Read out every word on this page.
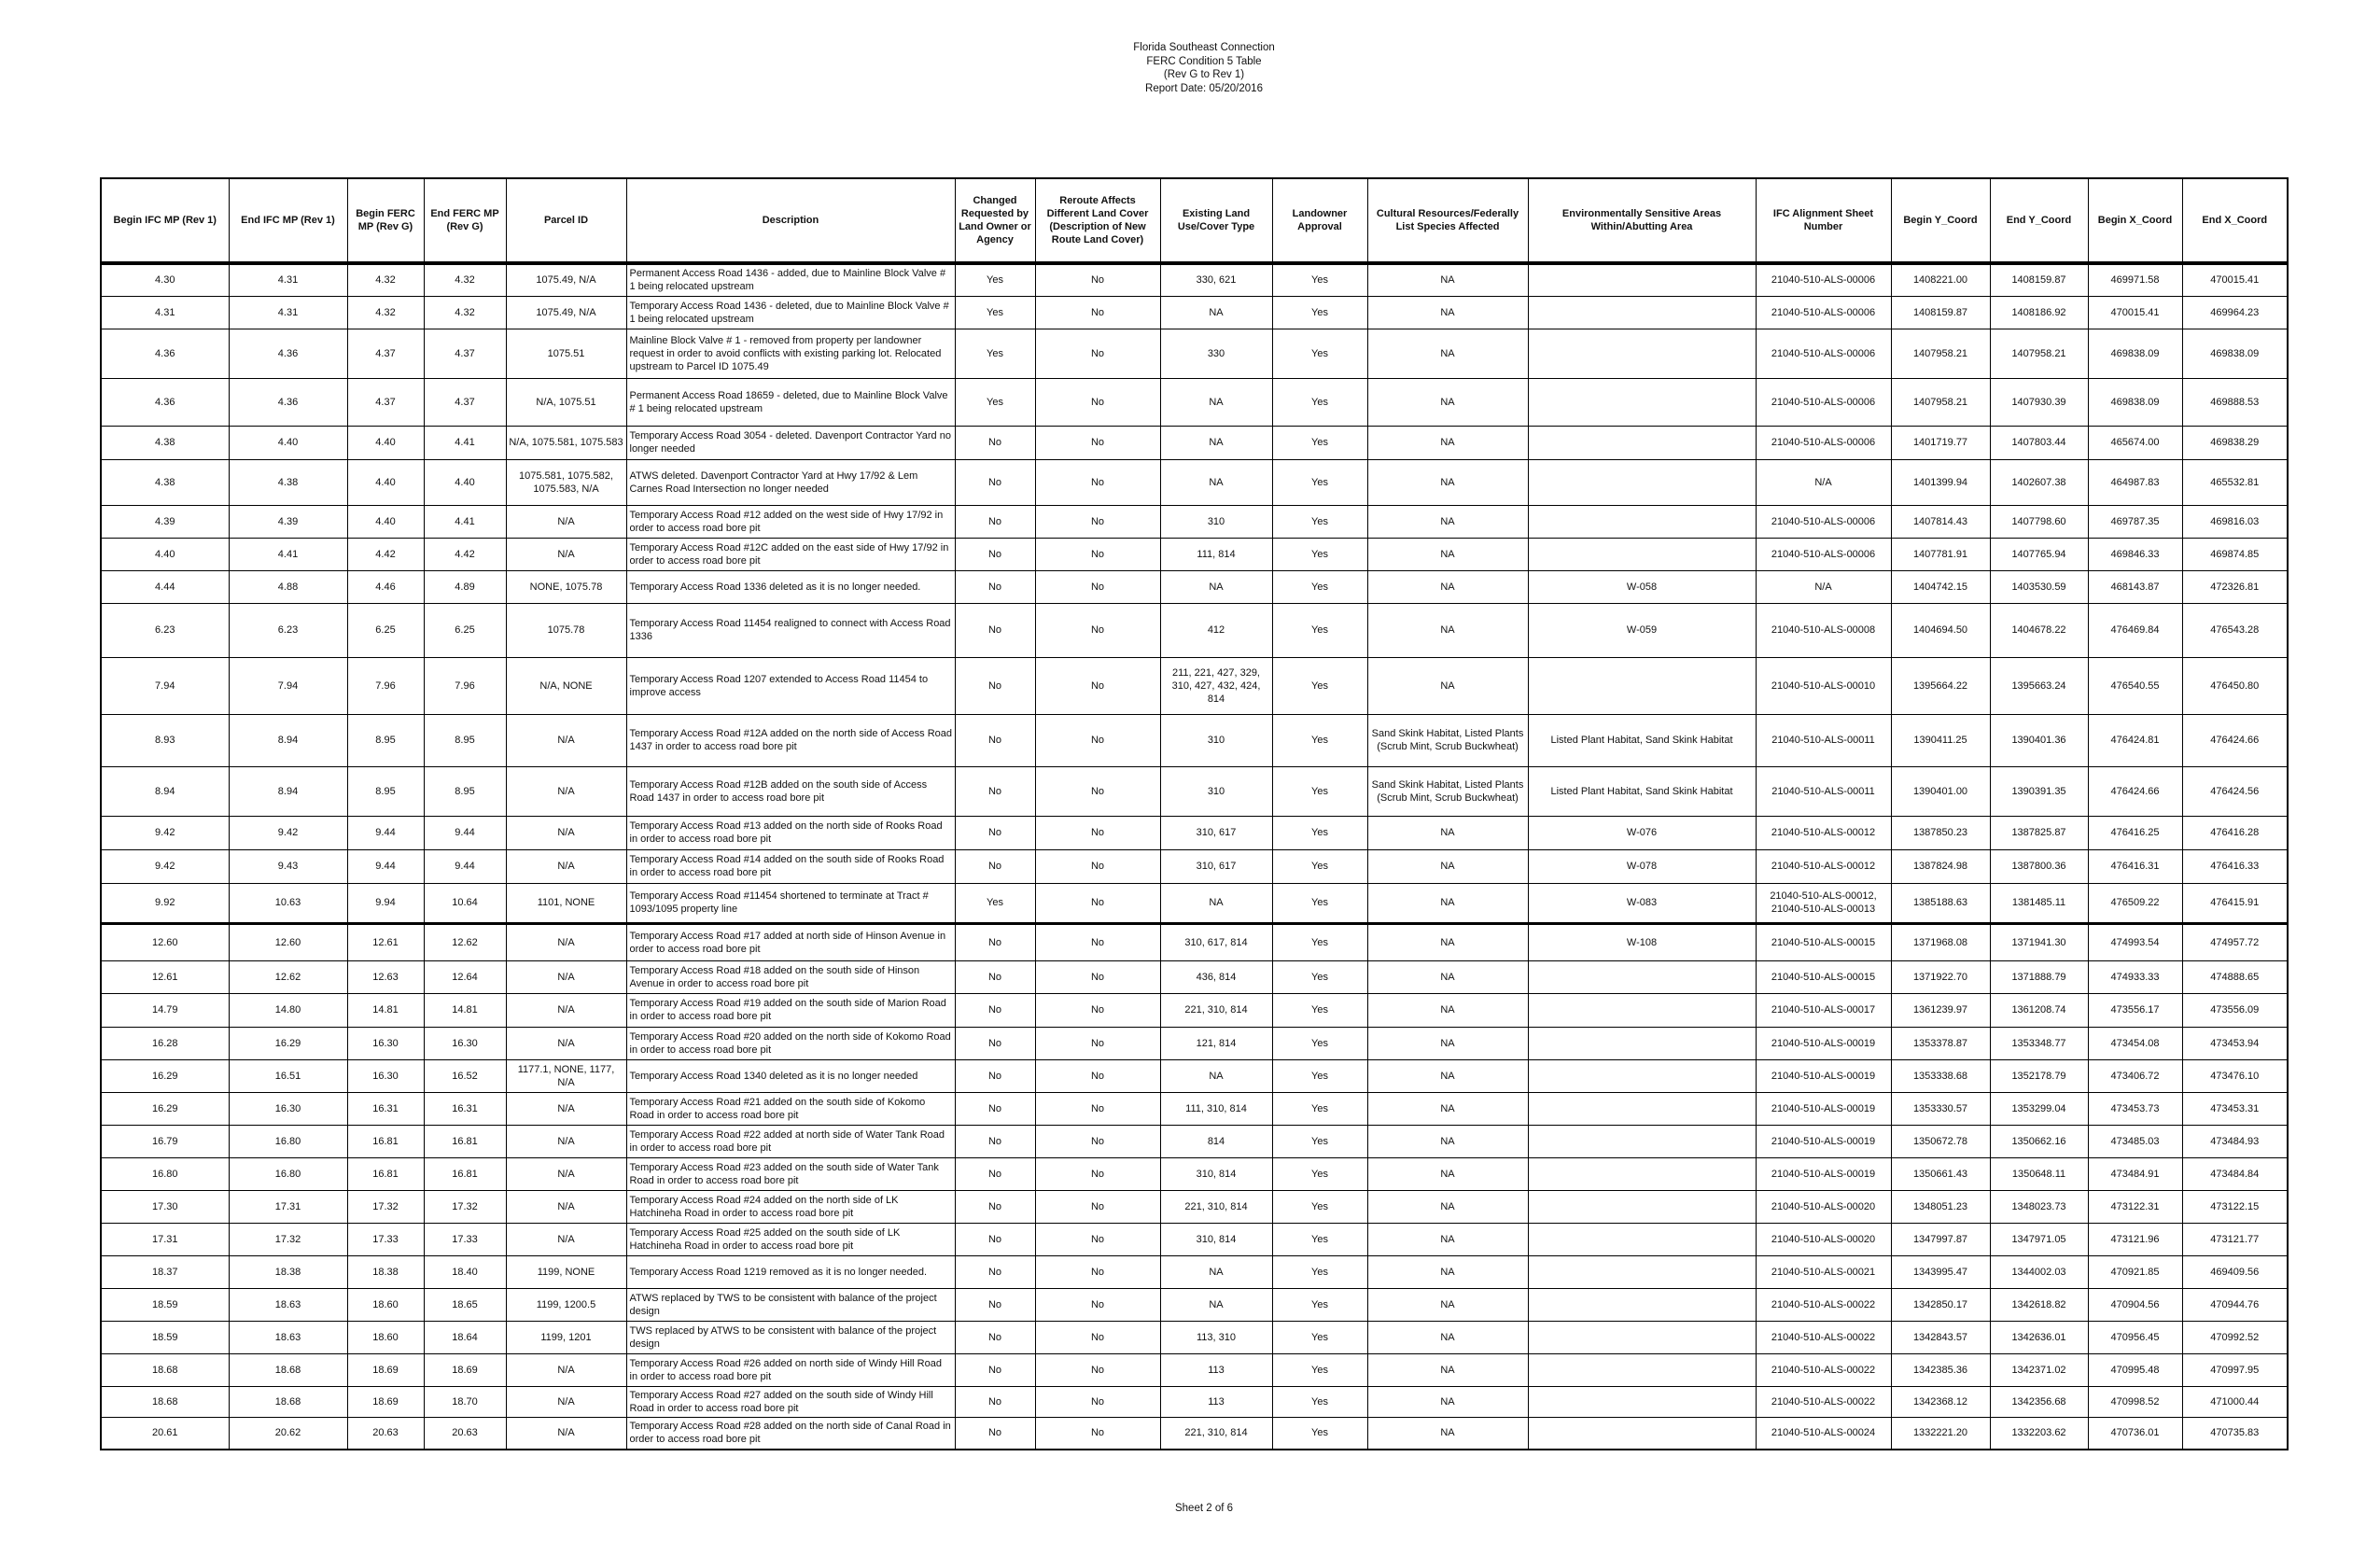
Florida Southeast Connection
FERC Condition 5 Table
(Rev G to Rev 1)
Report Date: 05/20/2016
Begin IFC MP (Rev 1)	End IFC MP (Rev 1)	Begin FERC MP (Rev G)	End FERC MP (Rev G)	Parcel ID	Description	Changed Requested by Land Owner or Agency	Reroute Affects Different Land Cover (Description of New Route Land Cover)	Existing Land Use/Cover Type	Landowner Approval	Cultural Resources/Federally List Species Affected	Environmentally Sensitive Areas Within/Abutting Area	IFC Alignment Sheet Number	Begin Y_Coord	End Y_Coord	Begin X_Coord	End X_Coord
4.30	4.31	4.32	4.32	1075.49, N/A	Permanent Access Road 1436 - added, due to Mainline Block Valve # 1 being relocated upstream	Yes	No	330, 621	Yes	NA		21040-510-ALS-00006	1408221.00	1408159.87	469971.58	470015.41
4.31	4.31	4.32	4.32	1075.49, N/A	Temporary Access Road 1436 - deleted, due to Mainline Block Valve # 1 being relocated upstream	Yes	No	NA	Yes	NA		21040-510-ALS-00006	1408159.87	1408186.92	470015.41	469964.23
4.36	4.36	4.37	4.37	1075.51	Mainline Block Valve # 1 - removed from property per landowner request in order to avoid conflicts with existing parking lot. Relocated upstream to Parcel ID 1075.49	Yes	No	330	Yes	NA		21040-510-ALS-00006	1407958.21	1407958.21	469838.09	469838.09
4.36	4.36	4.37	4.37	N/A, 1075.51	Permanent Access Road 18659 - deleted, due to Mainline Block Valve # 1 being relocated upstream	Yes	No	NA	Yes	NA		21040-510-ALS-00006	1407958.21	1407930.39	469838.09	469888.53
4.38	4.40	4.40	4.41	N/A, 1075.581, 1075.583	Temporary Access Road 3054 - deleted. Davenport Contractor Yard no longer needed	No	No	NA	Yes	NA		21040-510-ALS-00006	1401719.77	1407803.44	465674.00	469838.29
4.38	4.38	4.40	4.40	1075.581, 1075.582, 1075.583, N/A	ATWS deleted. Davenport Contractor Yard at Hwy 17/92 & Lem Carnes Road Intersection no longer needed	No	No	NA	Yes	NA		N/A	1401399.94	1402607.38	464987.83	465532.81
4.39	4.39	4.40	4.41	N/A	Temporary Access Road #12 added on the west side of Hwy 17/92 in order to access road bore pit	No	No	310	Yes	NA		21040-510-ALS-00006	1407814.43	1407798.60	469787.35	469816.03
4.40	4.41	4.42	4.42	N/A	Temporary Access Road #12C added on the east side of Hwy 17/92 in order to access road bore pit	No	No	111, 814	Yes	NA		21040-510-ALS-00006	1407781.91	1407765.94	469846.33	469874.85
4.44	4.88	4.46	4.89	NONE, 1075.78	Temporary Access Road 1336 deleted as it is no longer needed.	No	No	NA	Yes	NA	W-058	N/A	1404742.15	1403530.59	468143.87	472326.81
6.23	6.23	6.25	6.25	1075.78	Temporary Access Road 11454 realigned to connect with Access Road 1336	No	No	412	Yes	NA	W-059	21040-510-ALS-00008	1404694.50	1404678.22	476469.84	476543.28
7.94	7.94	7.96	7.96	N/A, NONE	Temporary Access Road 1207 extended to Access Road 11454 to improve access	No	No	211, 221, 427, 329, 310, 427, 432, 424, 814	Yes	NA		21040-510-ALS-00010	1395664.22	1395663.24	476540.55	476450.80
8.93	8.94	8.95	8.95	N/A	Temporary Access Road #12A added on the north side of Access Road 1437 in order to access road bore pit	No	No	310	Yes	Sand Skink Habitat, Listed Plants (Scrub Mint, Scrub Buckwheat)	Listed Plant Habitat, Sand Skink Habitat	21040-510-ALS-00011	1390411.25	1390401.36	476424.81	476424.66
8.94	8.94	8.95	8.95	N/A	Temporary Access Road #12B added on the south side of Access Road 1437 in order to access road bore pit	No	No	310	Yes	Sand Skink Habitat, Listed Plants (Scrub Mint, Scrub Buckwheat)	Listed Plant Habitat, Sand Skink Habitat	21040-510-ALS-00011	1390401.00	1390391.35	476424.66	476424.56
9.42	9.42	9.44	9.44	N/A	Temporary Access Road #13 added on the north side of Rooks Road in order to access road bore pit	No	No	310, 617	Yes	NA	W-076	21040-510-ALS-00012	1387850.23	1387825.87	476416.25	476416.28
9.42	9.43	9.44	9.44	N/A	Temporary Access Road #14 added on the south side of Rooks Road in order to access road bore pit	No	No	310, 617	Yes	NA	W-078	21040-510-ALS-00012	1387824.98	1387800.36	476416.31	476416.33
9.92	10.63	9.94	10.64	1101, NONE	Temporary Access Road #11454 shortened to terminate at Tract # 1093/1095 property line	Yes	No	NA	Yes	NA	W-083	21040-510-ALS-00012, 21040-510-ALS-00013	1385188.63	1381485.11	476509.22	476415.91
12.60	12.60	12.61	12.62	N/A	Temporary Access Road #17 added at north side of Hinson Avenue in order to access road bore pit	No	No	310, 617, 814	Yes	NA	W-108	21040-510-ALS-00015	1371968.08	1371941.30	474993.54	474957.72
12.61	12.62	12.63	12.64	N/A	Temporary Access Road #18 added on the south side of Hinson Avenue in order to access road bore pit	No	No	436, 814	Yes	NA		21040-510-ALS-00015	1371922.70	1371888.79	474933.33	474888.65
14.79	14.80	14.81	14.81	N/A	Temporary Access Road #19 added on the south side of Marion Road in order to access road bore pit	No	No	221, 310, 814	Yes	NA		21040-510-ALS-00017	1361239.97	1361208.74	473556.17	473556.09
16.28	16.29	16.30	16.30	N/A	Temporary Access Road #20 added on the north side of Kokomo Road in order to access road bore pit	No	No	121, 814	Yes	NA		21040-510-ALS-00019	1353378.87	1353348.77	473454.08	473453.94
16.29	16.51	16.30	16.52	1177.1, NONE, 1177, N/A	Temporary Access Road 1340 deleted as it is no longer needed	No	No	NA	Yes	NA		21040-510-ALS-00019	1353338.68	1352178.79	473406.72	473476.10
16.29	16.30	16.31	16.31	N/A	Temporary Access Road #21 added on the south side of Kokomo Road in order to access road bore pit	No	No	111, 310, 814	Yes	NA		21040-510-ALS-00019	1353330.57	1353299.04	473453.73	473453.31
16.79	16.80	16.81	16.81	N/A	Temporary Access Road #22 added at north side of Water Tank Road in order to access road bore pit	No	No	814	Yes	NA		21040-510-ALS-00019	1350672.78	1350662.16	473485.03	473484.93
16.80	16.80	16.81	16.81	N/A	Temporary Access Road #23 added on the south side of Water Tank Road in order to access road bore pit	No	No	310, 814	Yes	NA		21040-510-ALS-00019	1350661.43	1350648.11	473484.91	473484.84
17.30	17.31	17.32	17.32	N/A	Temporary Access Road #24 added on the north side of LK Hatchineha Road in order to access road bore pit	No	No	221, 310, 814	Yes	NA		21040-510-ALS-00020	1348051.23	1348023.73	473122.31	473122.15
17.31	17.32	17.33	17.33	N/A	Temporary Access Road #25 added on the south side of LK Hatchineha Road in order to access road bore pit	No	No	310, 814	Yes	NA		21040-510-ALS-00020	1347997.87	1347971.05	473121.96	473121.77
18.37	18.38	18.38	18.40	1199, NONE	Temporary Access Road 1219 removed as it is no longer needed.	No	No	NA	Yes	NA		21040-510-ALS-00021	1343995.47	1344002.03	470921.85	469409.56
18.59	18.63	18.60	18.65	1199, 1200.5	ATWS replaced by TWS to be consistent with balance of the project design	No	No	NA	Yes	NA		21040-510-ALS-00022	1342850.17	1342618.82	470904.56	470944.76
18.59	18.63	18.60	18.64	1199, 1201	TWS replaced by ATWS to be consistent with balance of the project design	No	No	113, 310	Yes	NA		21040-510-ALS-00022	1342843.57	1342636.01	470956.45	470992.52
18.68	18.68	18.69	18.69	N/A	Temporary Access Road #26 added on north side of Windy Hill Road in order to access road bore pit	No	No	113	Yes	NA		21040-510-ALS-00022	1342385.36	1342371.02	470995.48	470997.95
18.68	18.68	18.69	18.70	N/A	Temporary Access Road #27 added on the south side of Windy Hill Road in order to access road bore pit	No	No	113	Yes	NA		21040-510-ALS-00022	1342368.12	1342356.68	470998.52	471000.44
20.61	20.62	20.63	20.63	N/A	Temporary Access Road #28 added on the north side of Canal Road in order to access road bore pit	No	No	221, 310, 814	Yes	NA		21040-510-ALS-00024	1332221.20	1332203.62	470736.01	470735.83
Sheet 2 of 6
